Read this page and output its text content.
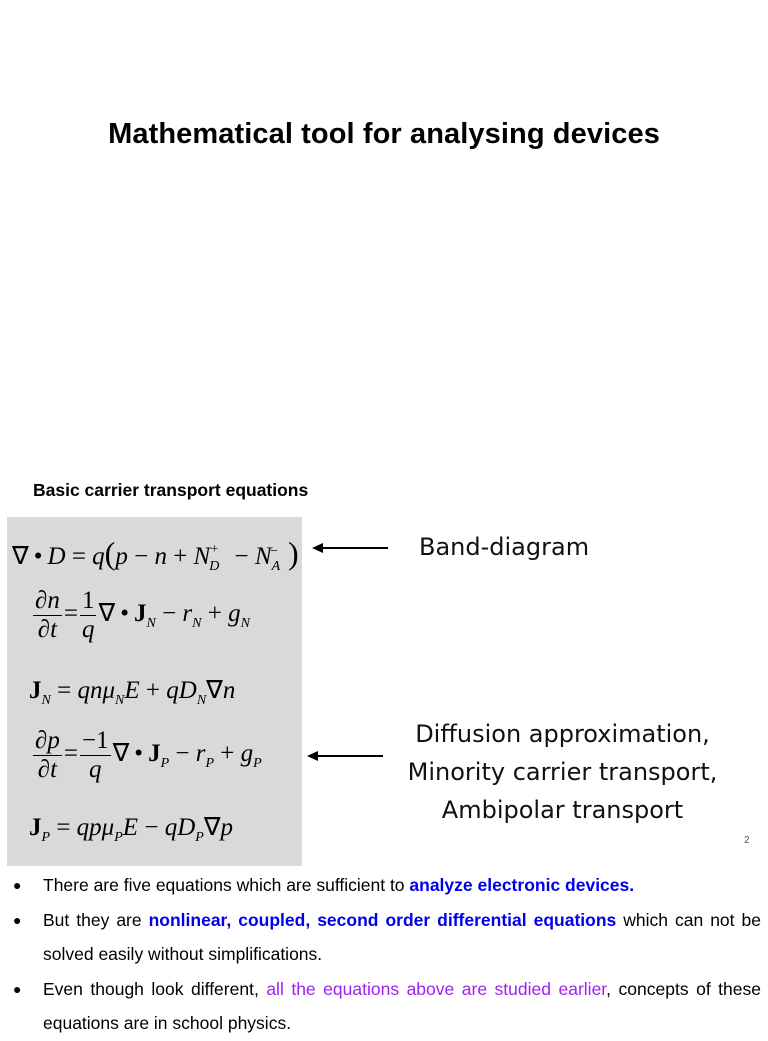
Mathematical tool for analysing devices
Basic carrier transport equations
∇ • $D = q(p - n + N_D^+ - N_A^-$ )
$\frac{\partial n}{\partial t} = \frac{1}{q}$ ∇ • $J_N - r_N + g_N$
$J_N = qn\mu_NE + qD_N\nabla n$
$\frac{\partial p}{\partial t} = \frac{-1}{q}$ ∇ • $J_P - r_P + g_P$
$J_P = qp\mu_PE - qD_P\nabla p$
Band-diagram
Diffusion approximation,
Minority carrier transport,
Ambipolar transport
2
● There are five equations which are sufficient to analyze electronic devices.
● But they are nonlinear, coupled, second order differential equations which can not be solved easily without simplifications.
● Even though look different, all the equations above are studied earlier, concepts of these equations are in school physics.
